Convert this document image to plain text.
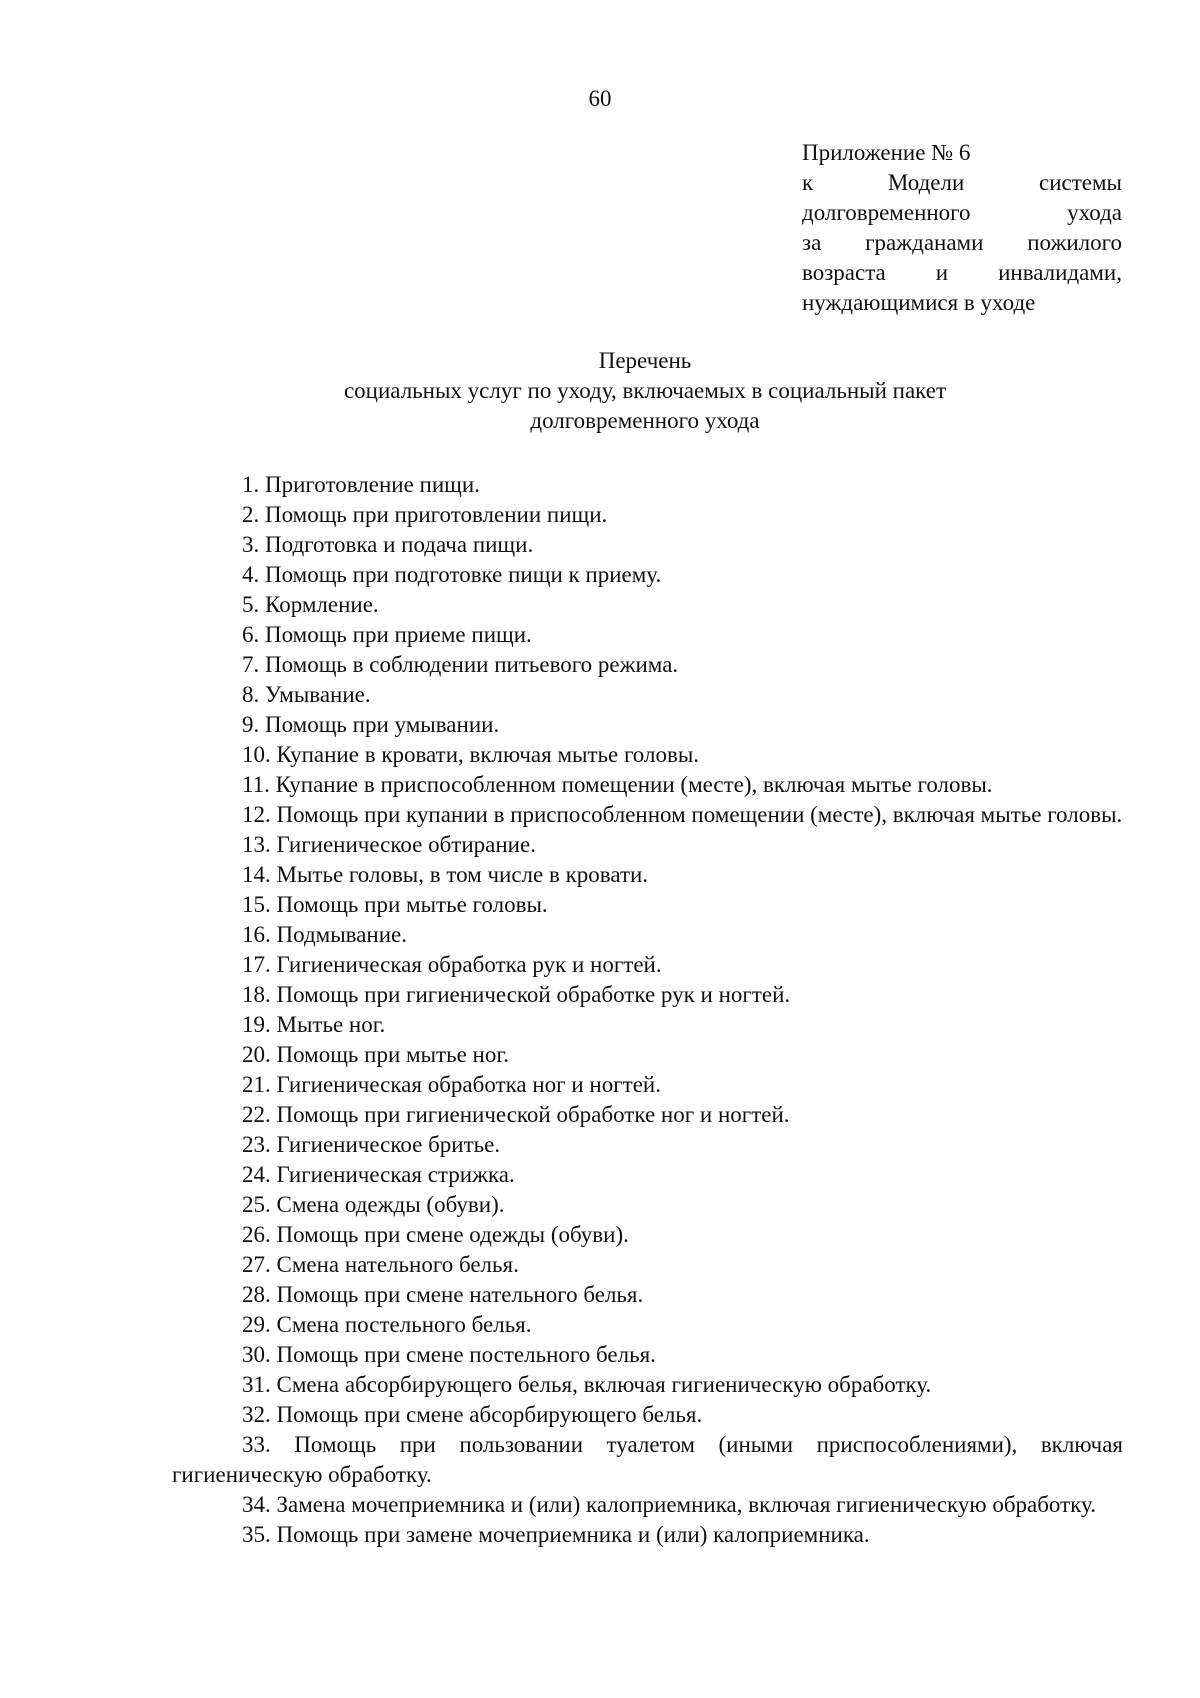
60
Приложение № 6
к	Модели	системы
долговременного	ухода
за гражданами пожилого
возраста и инвалидами,
нуждающимися в уходе
Перечень
социальных услуг по уходу, включаемых в социальный пакет
долговременного ухода

1. Приготовление пищи.

2. Помощь при приготовлении пищи.

3. Подготовка и подача пищи.

4. Помощь при подготовке пищи к приему.

5. Кормление.

6. Помощь при приеме пищи.

7. Помощь в соблюдении питьевого режима.

8. Умывание.

9. Помощь при умывании.

10. Купание в кровати, включая мытье головы.

11. Купание в приспособленном помещении (месте), включая мытье головы.

12. Помощь при купании в приспособленном помещении (месте), включая мытье головы.

13. Гигиеническое обтирание.

14. Мытье головы, в том числе в кровати.

15. Помощь при мытье головы.

16. Подмывание.

17. Гигиеническая обработка рук и ногтей.

18. Помощь при гигиенической обработке рук и ногтей.

19. Мытье ног.

20. Помощь при мытье ног.

21. Гигиеническая обработка ног и ногтей.

22. Помощь при гигиенической обработке ног и ногтей.

23. Гигиеническое бритье.

24. Гигиеническая стрижка.

25. Смена одежды (обуви).

26. Помощь при смене одежды (обуви).

27. Смена нательного белья.

28. Помощь при смене нательного белья.

29. Смена постельного белья.

30. Помощь при смене постельного белья.

31. Смена абсорбирующего белья, включая гигиеническую обработку.

32. Помощь при смене абсорбирующего белья.

33. Помощь при пользовании туалетом (иными приспособлениями), включая гигиеническую обработку.

34. Замена мочеприемника и (или) калоприемника, включая гигиеническую обработку.

35. Помощь при замене мочеприемника и (или) калоприемника.
